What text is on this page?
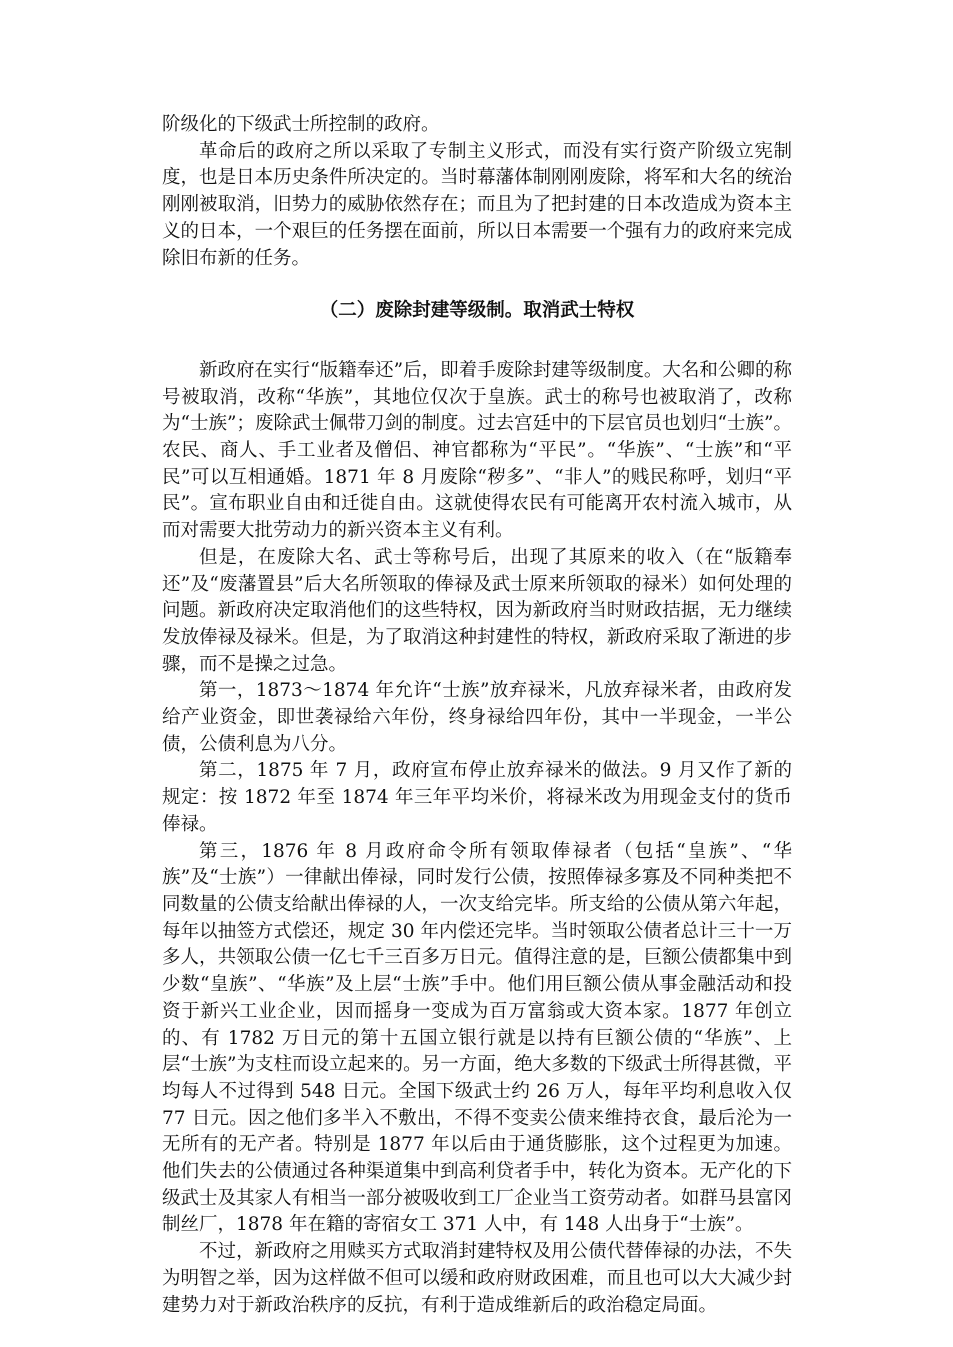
阶级化的下级武士所控制的政府。

革命后的政府之所以采取了专制主义形式，而没有实行资产阶级立宪制度，也是日本历史条件所决定的。当时幕藩体制刚刚废除，将军和大名的统治刚刚被取消，旧势力的威胁依然存在；而且为了把封建的日本改造成为资本主义的日本，一个艰巨的任务摆在面前，所以日本需要一个强有力的政府来完成除旧布新的任务。

（二）废除封建等级制。取消武士特权

新政府在实行“版籍奉还”后，即着手废除封建等级制度。大名和公卿的称号被取消，改称“华族”，其地位仅次于皇族。武士的称号也被取消了，改称为“士族”；废除武士佩带刀剑的制度。过去宫廷中的下层官员也划归“士族”。农民、商人、手工业者及僧侣、神官都称为“平民”。“华族”、“士族”和“平民”可以互相通婚。1871 年 8 月废除“秽多”、“非人”的贱民称呼，划归“平民”。宣布职业自由和迁徙自由。这就使得农民有可能离开农村流入城市，从而对需要大批劳动力的新兴资本主义有利。

但是，在废除大名、武士等称号后，出现了其原来的收入（在“版籍奉还”及“废藩置县”后大名所领取的俸禄及武士原来所领取的禄米）如何处理的问题。新政府决定取消他们的这些特权，因为新政府当时财政拮据，无力继续发放俸禄及禄米。但是，为了取消这种封建性的特权，新政府采取了渐进的步骤，而不是操之过急。

第一，1873～1874 年允许“士族”放弃禄米，凡放弃禄米者，由政府发给产业资金，即世袭禄给六年份，终身禄给四年份，其中一半现金，一半公债，公债利息为八分。

第二，1875 年 7 月，政府宣布停止放弃禄米的做法。9 月又作了新的规定：按 1872 年至 1874 年三年平均米价，将禄米改为用现金支付的货币俸禄。

第三，1876 年 8 月政府命令所有领取俸禄者（包括“皇族”、“华族”及“士族”）一律献出俸禄，同时发行公债，按照俸禄多寡及不同种类把不同数量的公债支给献出俸禄的人，一次支给完毕。所支给的公债从第六年起，每年以抽签方式偿还，规定 30 年内偿还完毕。当时领取公债者总计三十一万多人，共领取公债一亿七千三百多万日元。值得注意的是，巨额公债都集中到少数“皇族”、“华族”及上层“士族”手中。他们用巨额公债从事金融活动和投资于新兴工业企业，因而摇身一变成为百万富翁或大资本家。1877 年创立的、有 1782 万日元的第十五国立银行就是以持有巨额公债的“华族”、上层“士族”为支柱而设立起来的。另一方面，绝大多数的下级武士所得甚微，平均每人不过得到 548 日元。全国下级武士约 26 万人，每年平均利息收入仅 77 日元。因之他们多半入不敷出，不得不变卖公债来维持衣食，最后沦为一无所有的无产者。特别是 1877 年以后由于通货膨胀，这个过程更为加速。他们失去的公债通过各种渠道集中到高利贷者手中，转化为资本。无产化的下级武士及其家人有相当一部分被吸收到工厂企业当工资劳动者。如群马县富冈制丝厂，1878 年在籍的寄宿女工 371 人中，有 148 人出身于“士族”。

不过，新政府之用赎买方式取消封建特权及用公债代替俸禄的办法，不失为明智之举，因为这样做不但可以缓和政府财政困难，而且也可以大大减少封建势力对于新政治秩序的反抗，有利于造成维新后的政治稳定局面。
